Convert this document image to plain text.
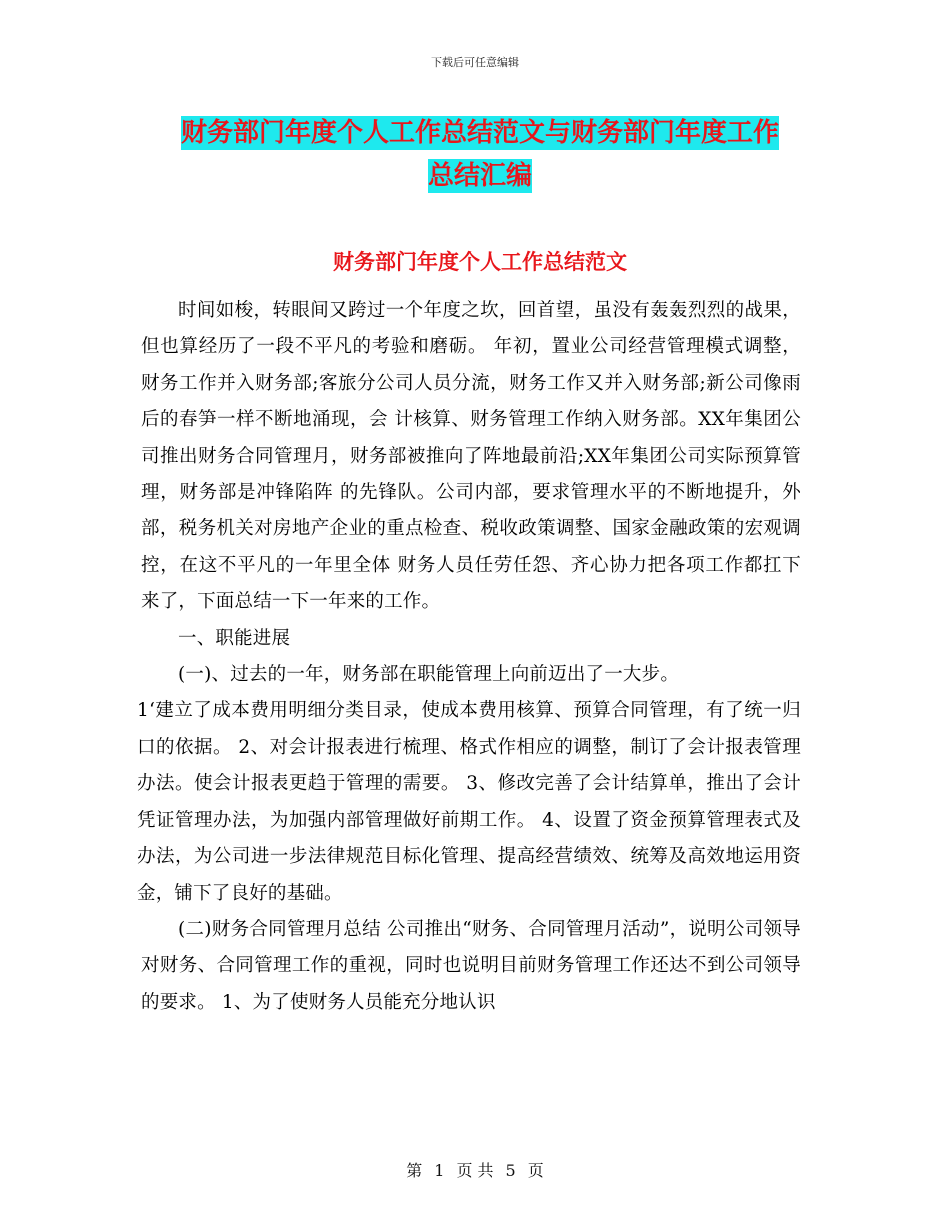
下载后可任意编辑
财务部门年度个人工作总结范文与财务部门年度工作
总结汇编
财务部门年度个人工作总结范文

时间如梭，转眼间又跨过一个年度之坎，回首望，虽没有轰轰烈烈的战果，但也算经历了一段不平凡的考验和磨砺。 年初，置业公司经营管理模式调整，财务工作并入财务部;客旅分公司人员分流，财务工作又并入财务部;新公司像雨后的春笋一样不断地涌现，会 计核算、财务管理工作纳入财务部。XX年集团公司推出财务合同管理月，财务部被推向了阵地最前沿;XX年集团公司实际预算管理，财务部是冲锋陷阵 的先锋队。公司内部，要求管理水平的不断地提升，外部，税务机关对房地产企业的重点检查、税收政策调整、国家金融政策的宏观调控，在这不平凡的一年里全体 财务人员任劳任怨、齐心协力把各项工作都扛下来了，下面总结一下一年来的工作。

一、职能进展

(一)、过去的一年，财务部在职能管理上向前迈出了一大步。

1‘建立了成本费用明细分类目录，使成本费用核算、预算合同管理，有了统一归口的依据。 2、对会计报表进行梳理、格式作相应的调整，制订了会计报表管理办法。使会计报表更趋于管理的需要。 3、修改完善了会计结算单，推出了会计凭证管理办法，为加强内部管理做好前期工作。 4、设置了资金预算管理表式及办法，为公司进一步法律规范目标化管理、提高经营绩效、统筹及高效地运用资金，铺下了良好的基础。

(二)财务合同管理月总结 公司推出“财务、合同管理月活动”，说明公司领导对财务、合同管理工作的重视，同时也说明目前财务管理工作还达不到公司领导的要求。 1、为了使财务人员能充分地认识

第 1 页 共 5 页
